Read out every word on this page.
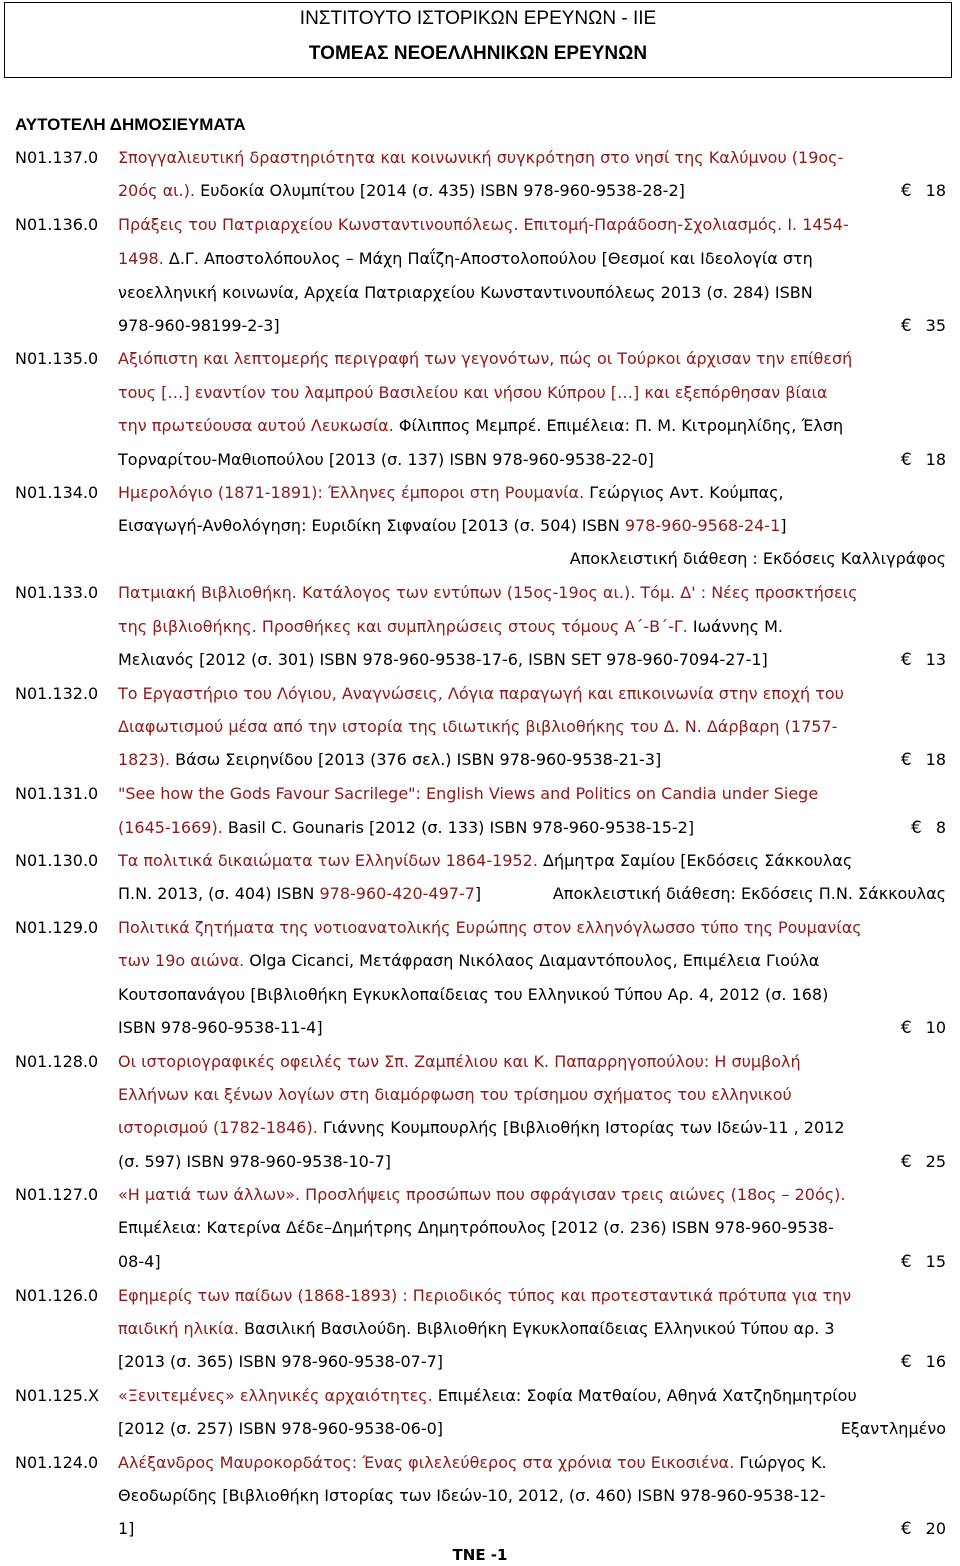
ΙΝΣΤΙΤΟΥΤΟ ΙΣΤΟΡΙΚΩΝ ΕΡΕΥΝΩΝ - ΙΙΕ
ΤΟΜΕΑΣ ΝΕΟΕΛΛΗΝΙΚΩΝ ΕΡΕΥΝΩΝ
ΑΥΤΟΤΕΛΗ ΔΗΜΟΣΙΕΥΜΑΤΑ
Ν01.137.0 Σπογγαλιευτική δραστηριότητα και κοινωνική συγκρότηση στο νησί της Καλύμνου (19ος-
20ός αι.). Ευδοκία Ολυμπίτου [2014 (σ. 435) ISBN 978-960-9538-28-2]	€ 18
Ν01.136.0 Πράξεις του Πατριαρχείου Κωνσταντινουπόλεως. Επιτομή-Παράδοση-Σχολιασμός. Ι. 1454-
1498. Δ.Γ. Αποστολόπουλος – Μάχη Παΐζη-Αποστολοπούλου [Θεσμοί και Ιδεολογία στη
νεοελληνική κοινωνία, Αρχεία Πατριαρχείου Κωνσταντινουπόλεως 2013 (σ. 284) ISBN
978-960-98199-2-3]	€ 35
Ν01.135.0 Αξιόπιστη και λεπτομερής περιγραφή των γεγονότων, πώς οι Τούρκοι άρχισαν την επίθεσή
τους […] εναντίον του λαμπρού Βασιλείου και νήσου Κύπρου […] και εξεπόρθησαν βίαια
την πρωτεύουσα αυτού Λευκωσία. Φίλιππος Μεμπρέ. Επιμέλεια: Π. Μ. Κιτρομηλίδης, Έλση
Τορναρίτου-Μαθιοπούλου [2013 (σ. 137) ISBN 978-960-9538-22-0]	€ 18
Ν01.134.0 Ημερολόγιο (1871-1891): Έλληνες έμποροι στη Ρουμανία. Γεώργιος Αντ. Κούμπας,
Εισαγωγή-Ανθολόγηση: Ευριδίκη Σιφναίου [2013 (σ. 504) ISBN 978-960-9568-24-1]
Αποκλειστική διάθεση : Εκδόσεις Καλλιγράφος
Ν01.133.0 Πατμιακή Βιβλιοθήκη. Κατάλογος των εντύπων (15ος-19ος αι.). Τόμ. Δ' : Νέες προσκτήσεις
της βιβλιοθήκης. Προσθήκες και συμπληρώσεις στους τόμους Α΄-Β΄-Γ. Ιωάννης Μ.
Μελιανός [2012 (σ. 301) ISBN 978-960-9538-17-6, ISBN SET 978-960-7094-27-1]	€ 13
Ν01.132.0 Το Εργαστήριο του Λόγιου, Αναγνώσεις, Λόγια παραγωγή και επικοινωνία στην εποχή του
Διαφωτισμού μέσα από την ιστορία της ιδιωτικής βιβλιοθήκης του Δ. Ν. Δάρβαρη (1757-
1823). Βάσω Σειρηνίδου [2013 (376 σελ.) ISBN 978-960-9538-21-3]	€ 18
Ν01.131.0 "See how the Gods Favour Sacrilege": English Views and Politics on Candia under Siege
(1645-1669). Basil C. Gounaris [2012 (σ. 133) ISBN 978-960-9538-15-2]	€ 8
Ν01.130.0 Τα πολιτικά δικαιώματα των Ελληνίδων 1864-1952. Δήμητρα Σαμίου [Εκδόσεις Σάκκουλας
Π.Ν. 2013, (σ. 404) ISBN 978-960-420-497-7]	Αποκλειστική διάθεση: Εκδόσεις Π.Ν. Σάκκουλας
Ν01.129.0 Πολιτικά ζητήματα της νοτιοανατολικής Ευρώπης στον ελληνόγλωσσο τύπο της Ρουμανίας
των 19ο αιώνα. Olga Cicanci, Μετάφραση Νικόλαος Διαμαντόπουλος, Επιμέλεια Γιούλα
Κουτσοπανάγου [Βιβλιοθήκη Εγκυκλοπαίδειας του Ελληνικού Τύπου Αρ. 4, 2012 (σ. 168)
ISBN 978-960-9538-11-4]	€ 10
Ν01.128.0 Οι ιστοριογραφικές οφειλές των Σπ. Ζαμπέλιου και Κ. Παπαρρηγοπούλου: Η συμβολή
Ελλήνων και ξένων λογίων στη διαμόρφωση του τρίσημου σχήματος του ελληνικού
ιστορισμού (1782-1846). Γιάννης Κουμπουρλής [Βιβλιοθήκη Ιστορίας των Ιδεών-11 , 2012
(σ. 597) ISBN 978-960-9538-10-7]	€ 25
Ν01.127.0 «Η ματιά των άλλων». Προσλήψεις προσώπων που σφράγισαν τρεις αιώνες (18ος – 20ός).
Επιμέλεια: Κατερίνα Δέδε–Δημήτρης Δημητρόπουλος [2012 (σ. 236) ISBN 978-960-9538-
08-4]	€ 15
Ν01.126.0 Εφημερίς των παίδων (1868-1893) : Περιοδικός τύπος και προτεσταντικά πρότυπα για την
παιδική ηλικία. Βασιλική Βασιλούδη. Βιβλιοθήκη Εγκυκλοπαίδειας Ελληνικού Τύπου αρ. 3
[2013 (σ. 365) ISBN 978-960-9538-07-7]	€ 16
Ν01.125.Χ «Ξενιτεμένες» ελληνικές αρχαιότητες. Επιμέλεια: Σοφία Ματθαίου, Αθηνά Χατζηδημητρίου
[2012 (σ. 257) ISBN 978-960-9538-06-0]	Εξαντλημένο
Ν01.124.0 Αλέξανδρος Μαυροκορδάτος: Ένας φιλελεύθερος στα χρόνια του Εικοσιένα. Γιώργος Κ.
Θεοδωρίδης [Βιβλιοθήκη Ιστορίας των Ιδεών-10, 2012, (σ. 460) ISBN 978-960-9538-12-
1]	€ 20
ΤΝΕ -1
